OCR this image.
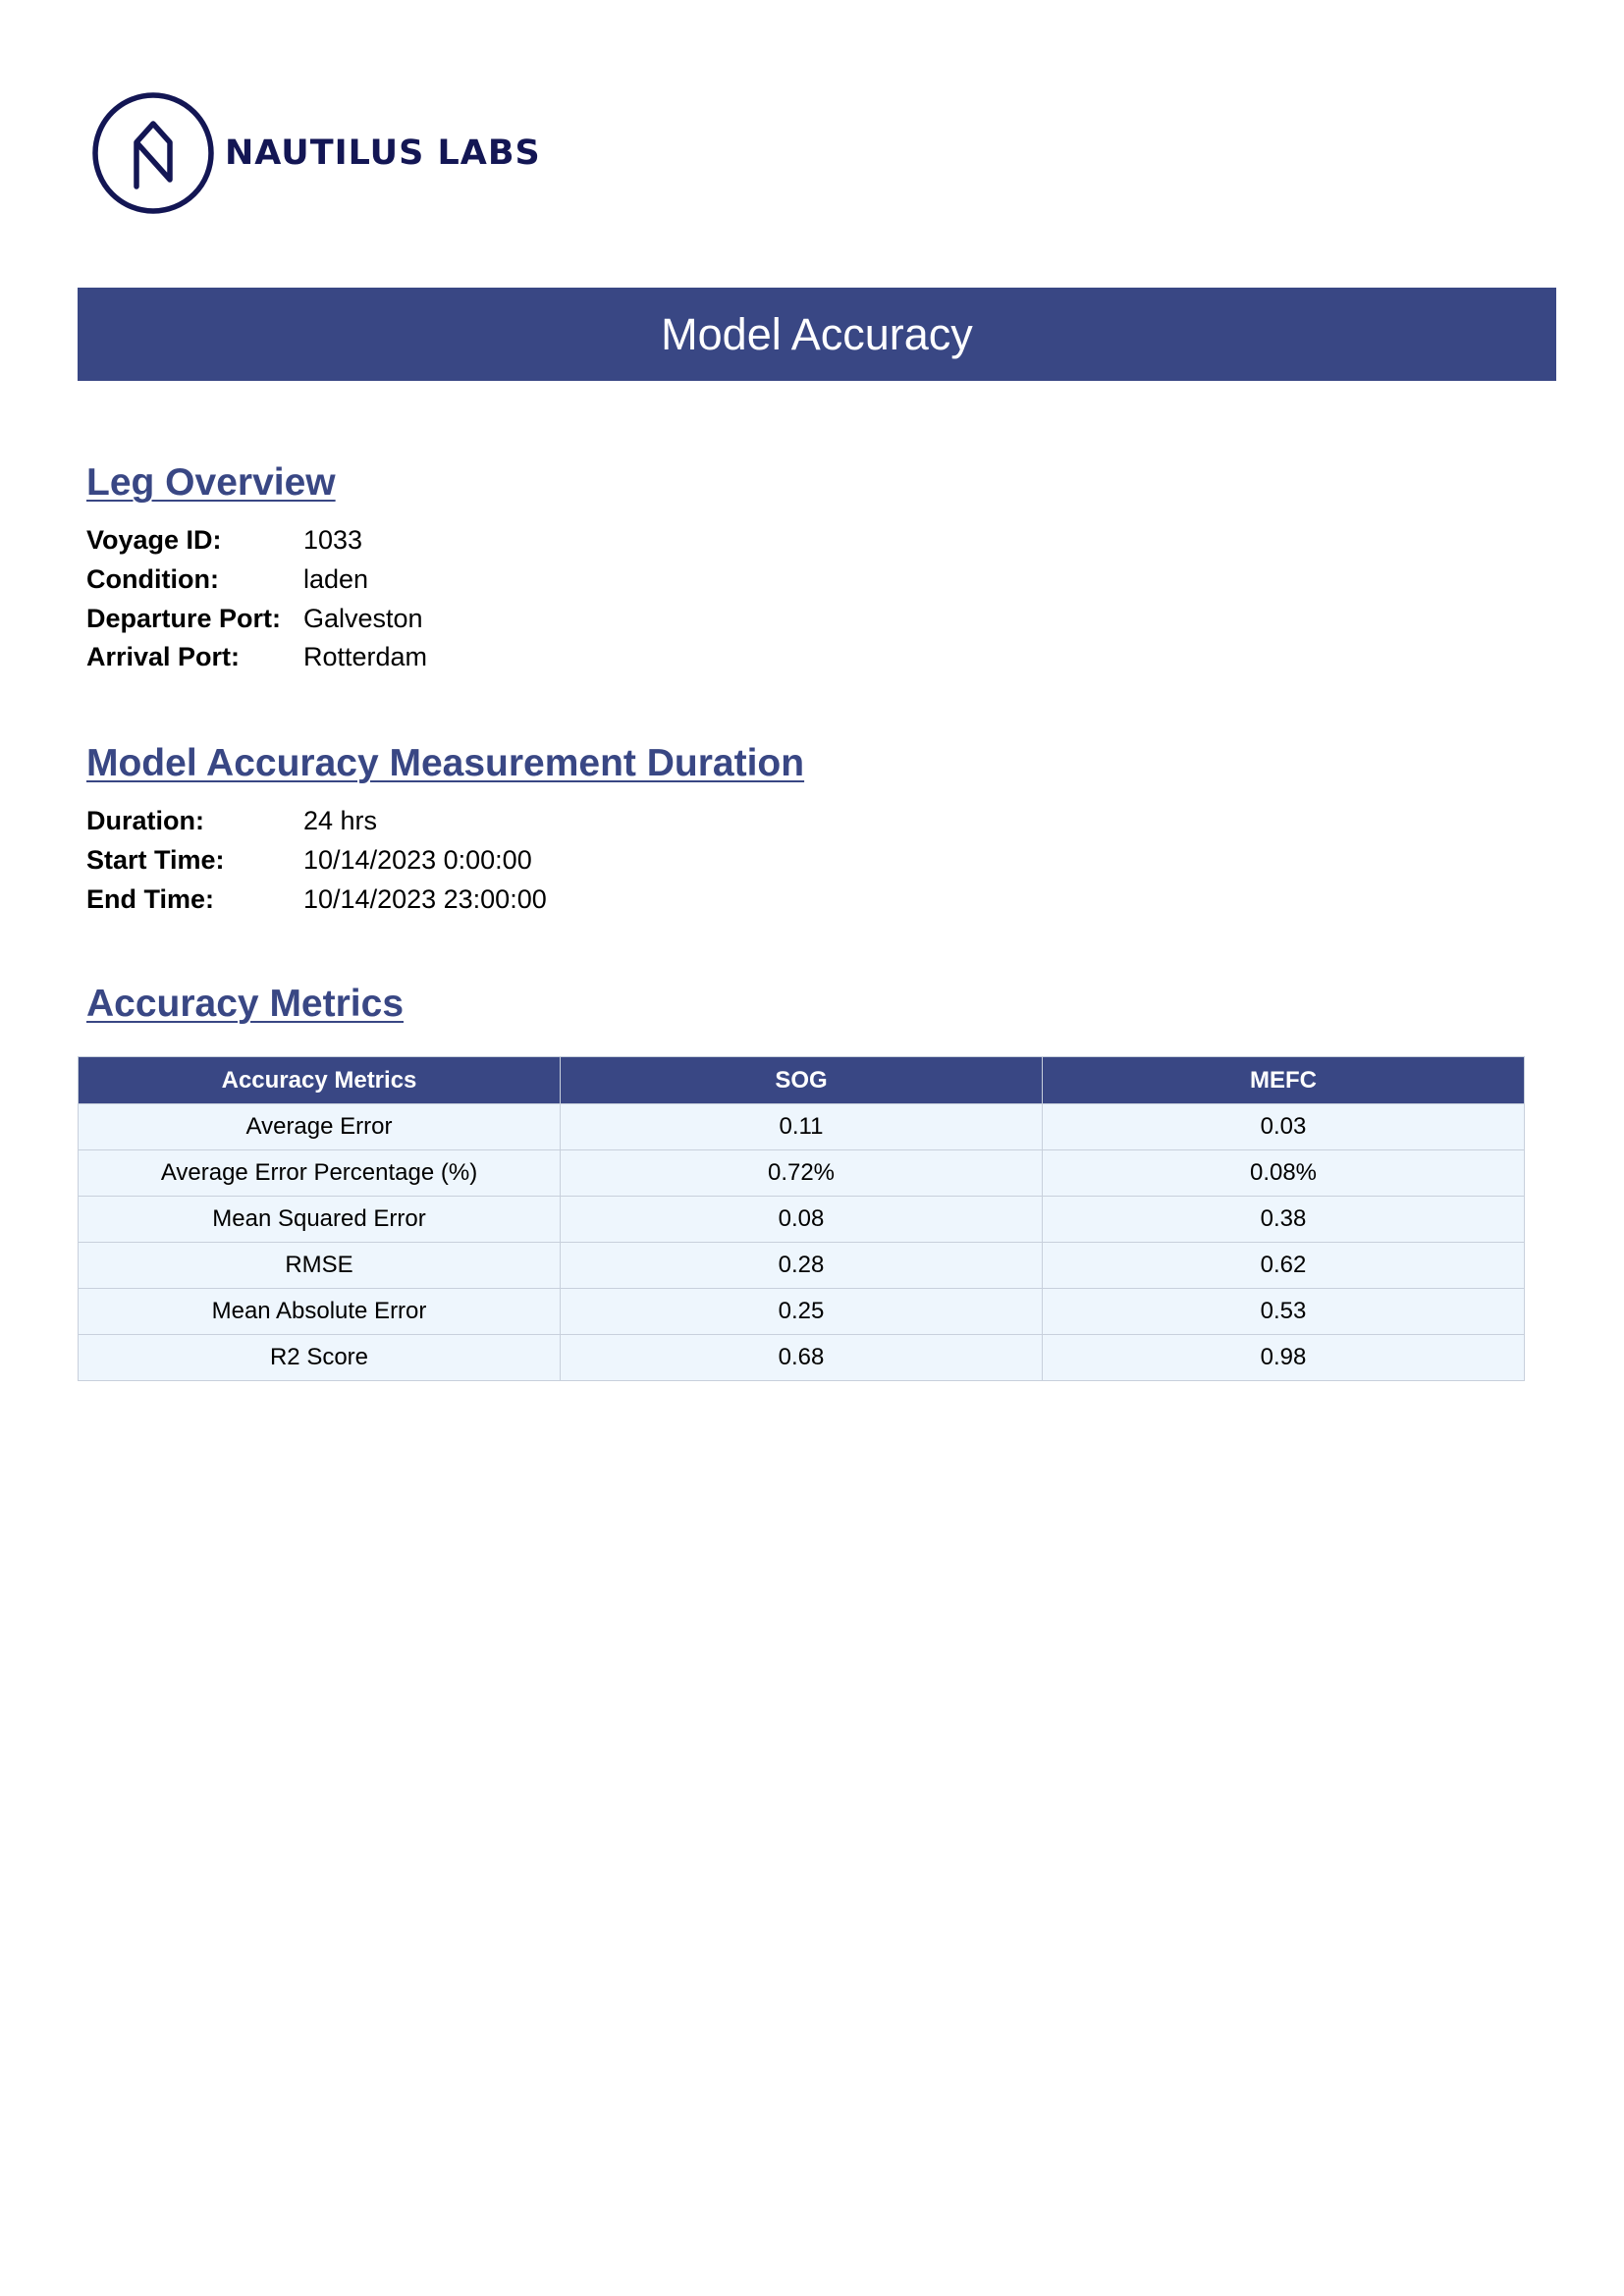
NAUTILUS LABS
Model Accuracy
Leg Overview
Voyage ID:	1033
Condition:	laden
Departure Port: Galveston
Arrival Port:	Rotterdam
Model Accuracy Measurement Duration
Duration:	24 hrs
Start Time:	10/14/2023 0:00:00
End Time:	10/14/2023 23:00:00
Accuracy Metrics
Accuracy Metrics	SOG	MEFC
Average Error	0.11	0.03
Average Error Percentage (%)	0.72%	0.08%
Mean Squared Error	0.08	0.38
RMSE	0.28	0.62
Mean Absolute Error	0.25	0.53
R2 Score	0.68	0.98
